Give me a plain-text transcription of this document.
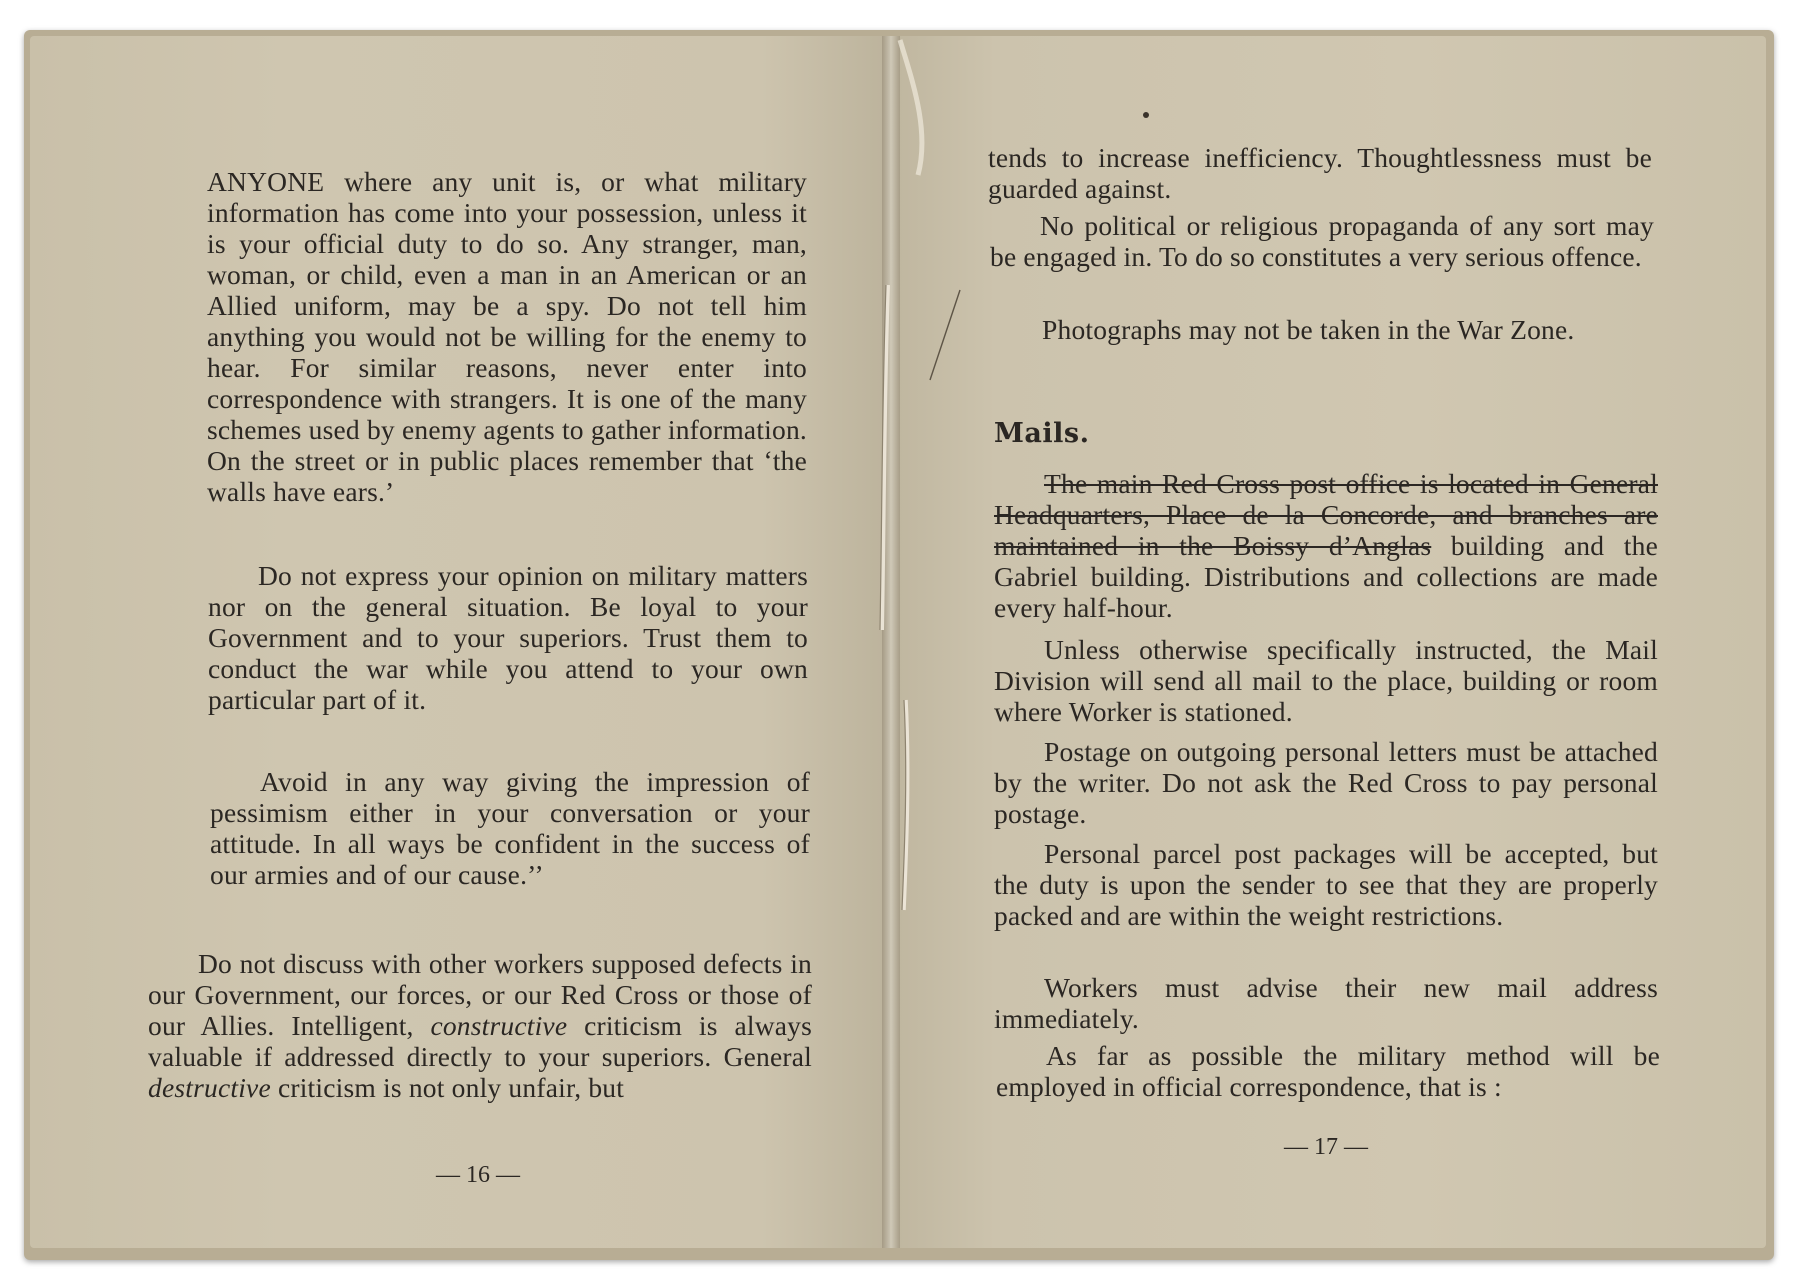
ANYONE where any unit is, or what military information has come into your possession, unless it is your official duty to do so. Any stranger, man, woman, or child, even a man in an American or an Allied uniform, may be a spy. Do not tell him anything you would not be willing for the enemy to hear. For similar reasons, never enter into correspondence with strangers. It is one of the many schemes used by enemy agents to gather information. On the street or in public places remember that ‘the walls have ears.’

Do not express your opinion on military matters nor on the general situation. Be loyal to your Government and to your superiors. Trust them to conduct the war while you attend to your own particular part of it.

Avoid in any way giving the impression of pessimism either in your conversation or your attitude. In all ways be confident in the success of our armies and of our cause.’’

Do not discuss with other workers supposed defects in our Government, our forces, or our Red Cross or those of our Allies. Intelligent, constructive criticism is always valuable if addressed directly to your superiors. General destructive criticism is not only unfair, but

— 16 —

tends to increase inefficiency. Thoughtlessness must be guarded against.

No political or religious propaganda of any sort may be engaged in. To do so constitutes a very serious offence.

Photographs may not be taken in the War Zone.

Mails.

The main Red Cross post office is located in General Headquarters, Place de la Concorde, and branches are maintained in the Boissy d’Anglas building and the Gabriel building. Distributions and collections are made every half-hour.

Unless otherwise specifically instructed, the Mail Division will send all mail to the place, building or room where Worker is stationed.

Postage on outgoing personal letters must be attached by the writer. Do not ask the Red Cross to pay personal postage.

Personal parcel post packages will be accepted, but the duty is upon the sender to see that they are properly packed and are within the weight restrictions.

Workers must advise their new mail address immediately.

As far as possible the military method will be employed in official correspondence, that is :

— 17 —
